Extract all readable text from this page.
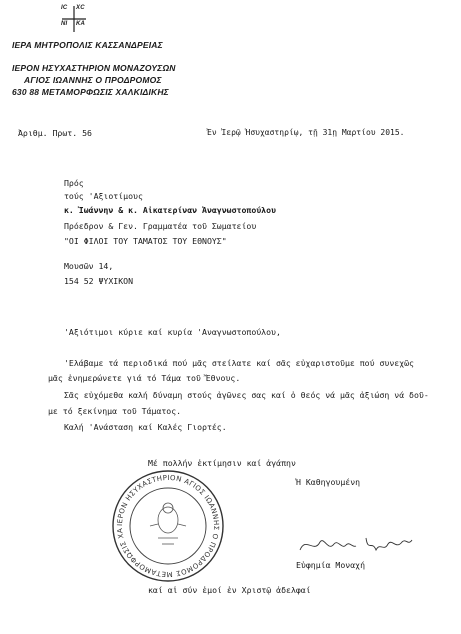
IC XC
NI KA
ΙΕΡΑ ΜΗΤΡΟΠΟΛΙΣ ΚΑΣΣΑΝΔΡΕΙΑΣ
ΙΕΡΟΝ ΗΣΥΧΑΣΤΗΡΙΟΝ ΜΟΝΑΖΟΥΣΩΝ
ΑΓΙΟΣ ΙΩΑΝΝΗΣ Ο ΠΡΟΔΡΟΜΟΣ
630 88 ΜΕΤΑΜΟΡΦΩΣΙΣ ΧΑΛΚΙΔΙΚΗΣ
Ἀριθμ. Πρωτ. 56	Ἐν Ἱερῷ Ἡσυχαστηρίῳ, τῇ 31ῃ Μαρτίου 2015.
Πρός
τούς 'Αξιοτίμους
κ. Ἰωάννην & κ. Αἰκατερίναν Ἀναγνωστοπούλου
Πρόεδρον & Γεν. Γραμματέα τοῦ Σωματείου
"ΟΙ ΦΙΛΟΙ ΤΟΥ ΤΑΜΑΤΟΣ ΤΟΥ ΕΘΝΟΥΣ"
Μουσῶν 14,
154 52 ΨΥΧΙΚΟΝ
'Αξιότιμοι κύριε καί κυρία 'Αναγνωστοπούλου,
'Ελάβαμε τά περιοδικά πού μᾶς στείλατε καί σᾶς εὐχαριστοῦμε πού συνεχῶς
μᾶς ἐνημερώνετε γιά τό Τάμα τοῦ Ἔθνους.
Σᾶς εὐχόμεθα καλή δύναμη στούς ἀγῶνες σας καί ὁ θεός νά μᾶς ἀξιώση νά δοῦ-
με τό ξεκίνημα τοῦ Τάματος.
Καλή 'Ανάσταση καί Καλές Γιορτές.
Μέ πολλήν ἐκτίμησιν καί ἀγάπην
Ἡ Καθηγουμένη
ΙΕΡΟΝ ΗΣΥΧΑΣΤΗΡΙΟΝ ΑΓΙΟΣ ΙΩΑΝΝΗΣ Ο ΠΡΟΔΡΟΜΟΣ ΜΕΤΑΜΟΡΦΩΣΙΣ ΧΑ
Εὐφημία Μοναχή
καί αἱ σύν ἐμοί ἐν Χριστῷ ἀδελφαί
